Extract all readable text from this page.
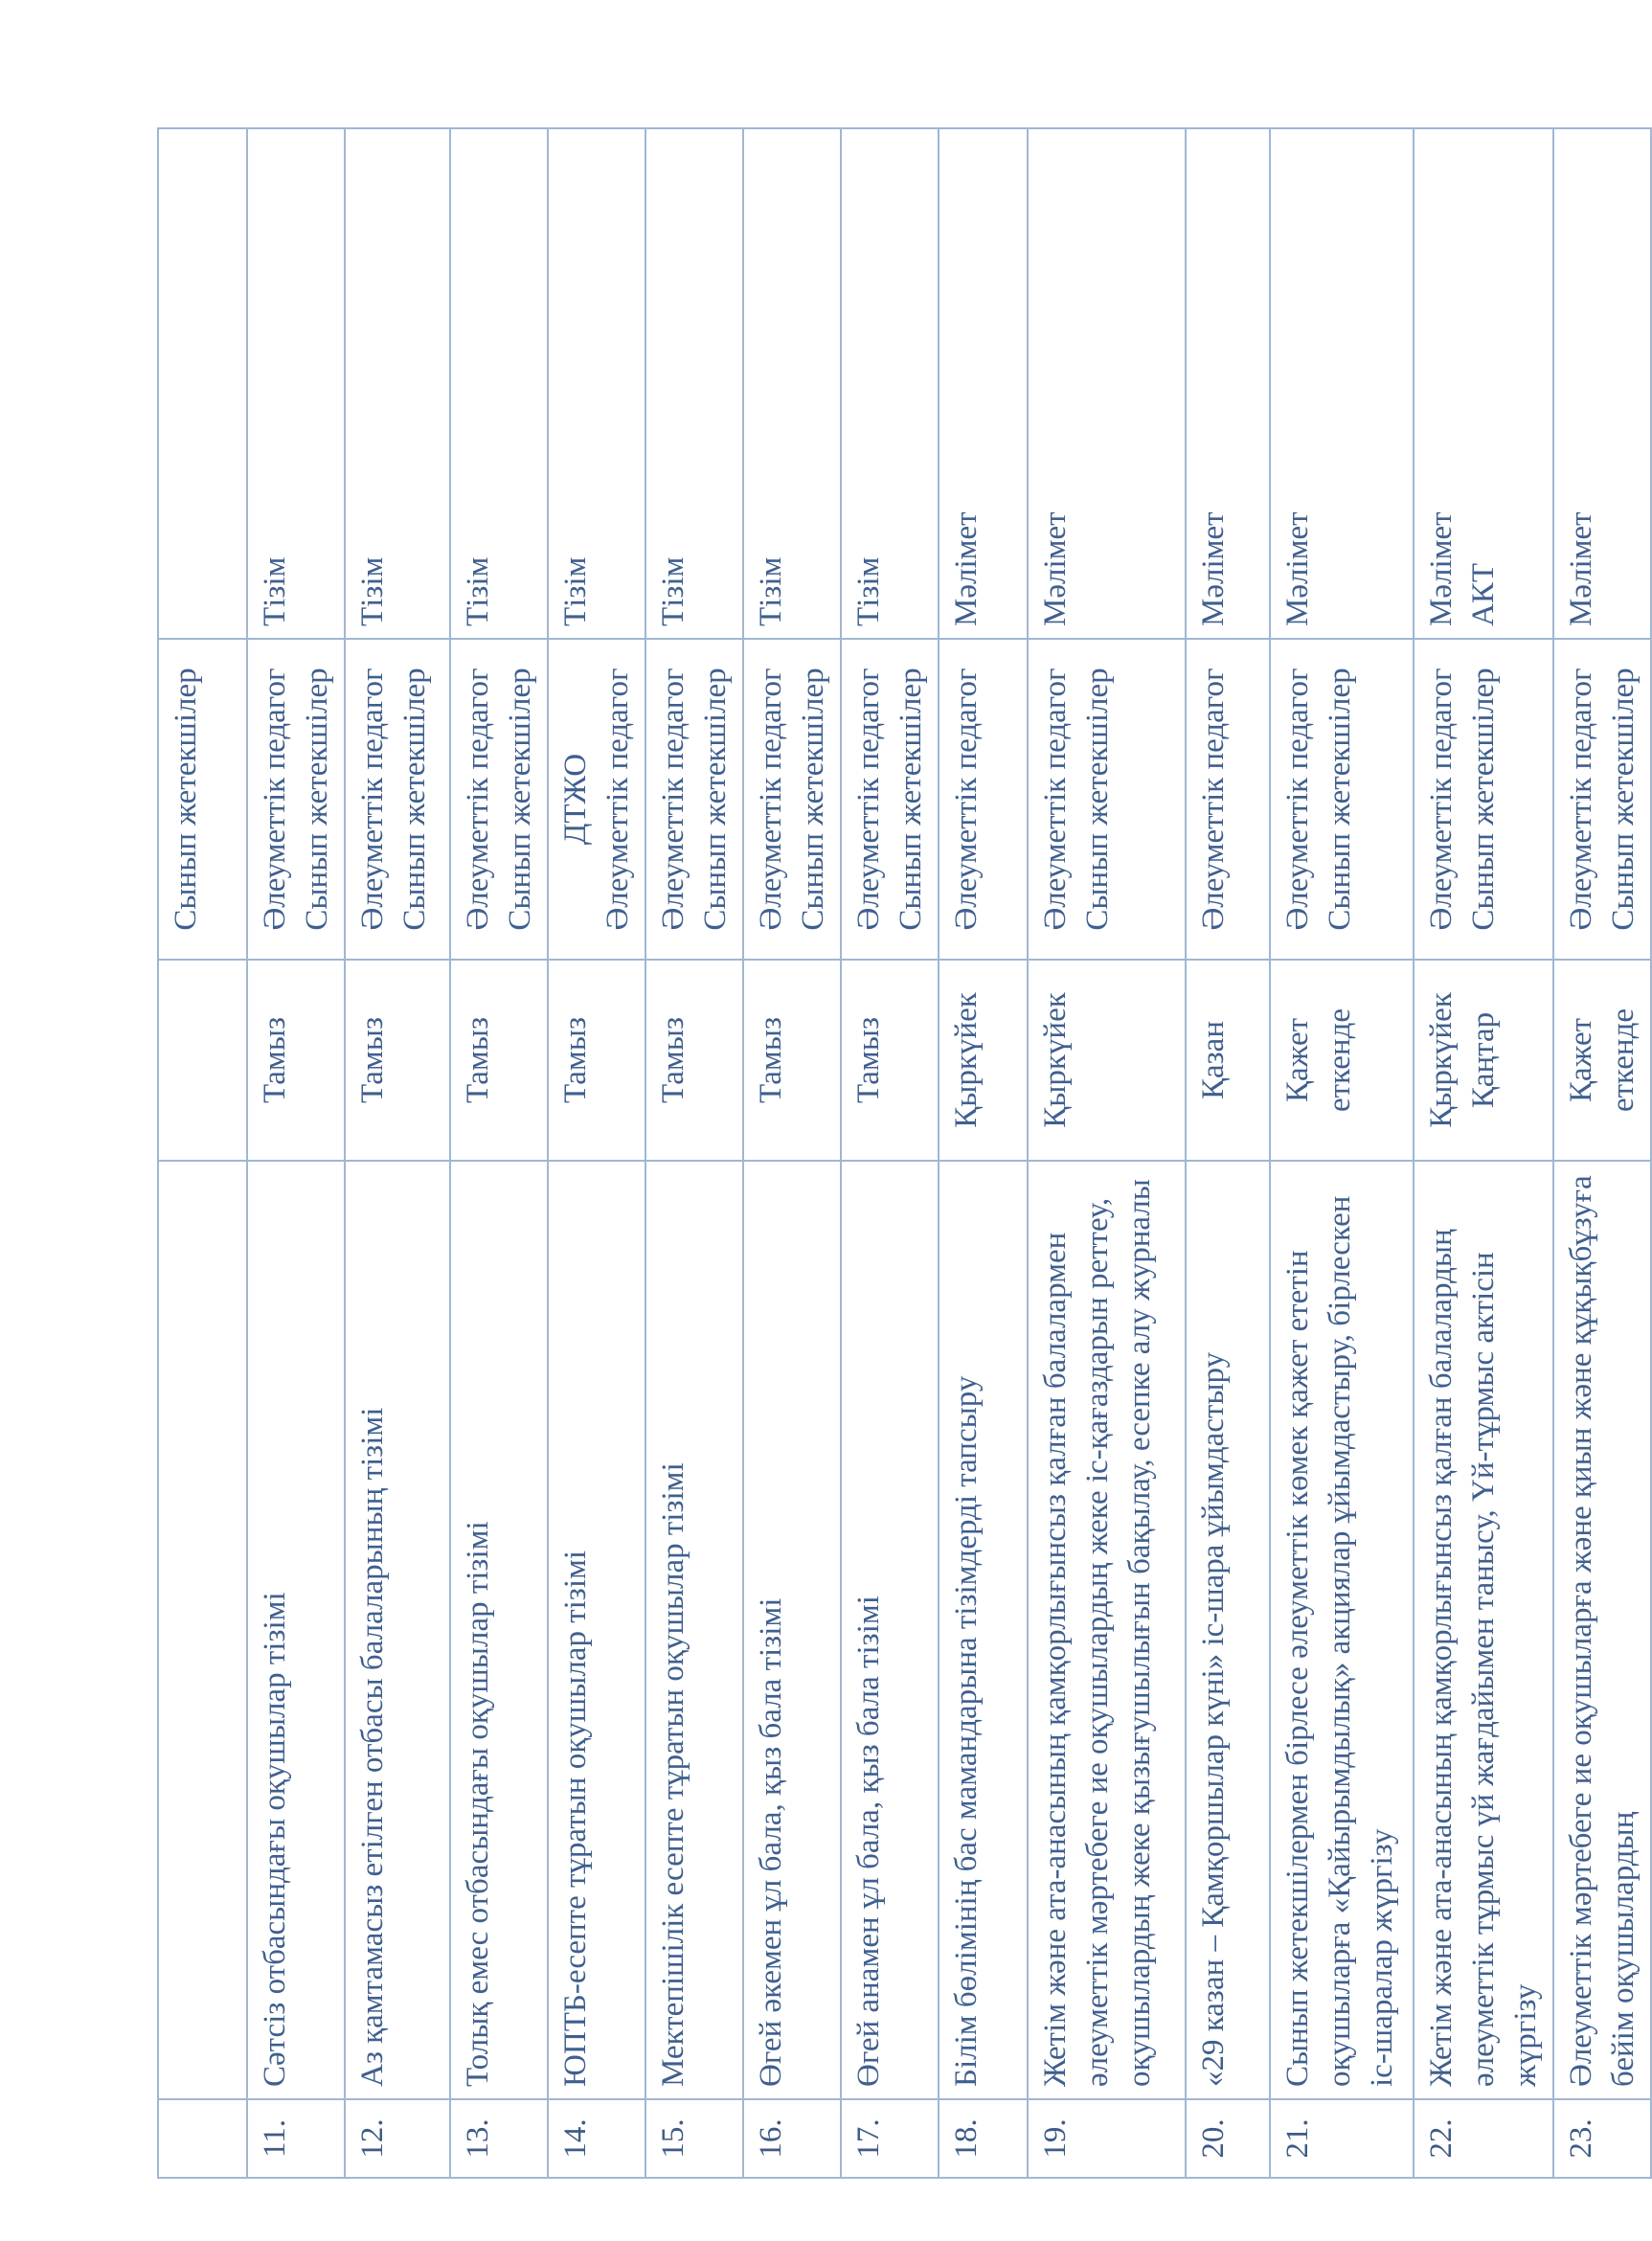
			Сынып жетекшілер	
11.	Сәтсіз отбасындағы оқушылар тізімі	Тамыз	Әлеуметтік педагог Сынып жетекшілер	Тізім
12.	Аз қамтамасыз етілген отбасы балаларының тізімі	Тамыз	Әлеуметтік педагог Сынып жетекшілер	Тізім
13.	Толық емес отбасындағы оқушылар тізімі	Тамыз	Әлеуметтік педагог Сынып жетекшілер	Тізім
14.	ЮПТБ-есепте тұратын оқушылар тізімі	Тамыз	ДТЖО Әлеуметтік педагог	Тізім
15.	Мектепішілік есепте тұратын оқушылар тізімі	Тамыз	Әлеуметтік педагог Сынып жетекшілер	Тізім
16.	Өгей әкемен ұл бала, қыз бала тізімі	Тамыз	Әлеуметтік педагог Сынып жетекшілер	Тізім
17.	Өгей анамен ұл бала, қыз бала тізімі	Тамыз	Әлеуметтік педагог Сынып жетекшілер	Тізім
18.	Білім бөлімінің бас мамандарына тізімдерді тапсыру	Қыркүйек	Әлеуметтік педагог	Мәлімет
19.	Жетім және ата-анасының қамқорлығынсыз қалған балалармен әлеуметтік мәртебеге ие оқушылардың жеке іс-қағаздарын реттеу, оқушылардың жеке қызығушылығын бақылау, есепке алу журналы	Қыркүйек	Әлеуметтік педагог Сынып жетекшілер	Мәлімет
20.	«29 казан – Қамқоршылар күні» іс-шара ұйымдастыру	Қазан	Әлеуметтік педагог	Мәлімет
21.	Сынып жетекшілермен бірлесе әлеуметтік көмек қажет ететін оқушыларға «Қайырымдылық» акциялар ұйымдастыру, бірлескен іс-шаралар жүргізу	Қажет еткенде	Әлеуметтік педагог Сынып жетекшілер	Мәлімет
22.	Жетім және ата-анасының қамқорлығынсыз қалған балалардың әлеуметтік тұрмыс үй жағдайымен танысу, Үй-тұрмыс актісін жүргізу	Қыркүйек Қаңтар	Әлеуметтік педагог Сынып жетекшілер	Мәлімет АКТ

23.	Әлеуметтік мәртебеге ие оқушыларға және қиын және құқықбұзуға бейім оқушылардың	Қажет еткенде	Әлеуметтік педагог Сынып жетекшілер	Мәлімет
